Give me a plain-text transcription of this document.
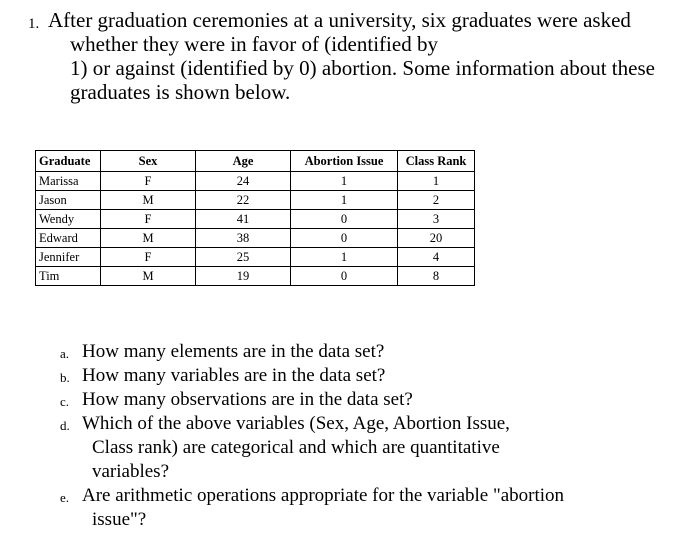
1. After graduation ceremonies at a university, six graduates were asked
whether they were in favor of (identified by
1) or against (identified by 0) abortion. Some information about these
graduates is shown below.
Graduate	Sex	Age	Abortion Issue	Class Rank
Marissa	F	24	1	1
Jason	M	22	1	2
Wendy	F	41	0	3
Edward	M	38	0	20
Jennifer	F	25	1	4
Tim	M	19	0	8
a. How many elements are in the data set?
b. How many variables are in the data set?
c. How many observations are in the data set?
d. Which of the above variables (Sex, Age, Abortion Issue,
Class rank) are categorical and which are quantitative
variables?
e. Are arithmetic operations appropriate for the variable "abortion
issue"?
